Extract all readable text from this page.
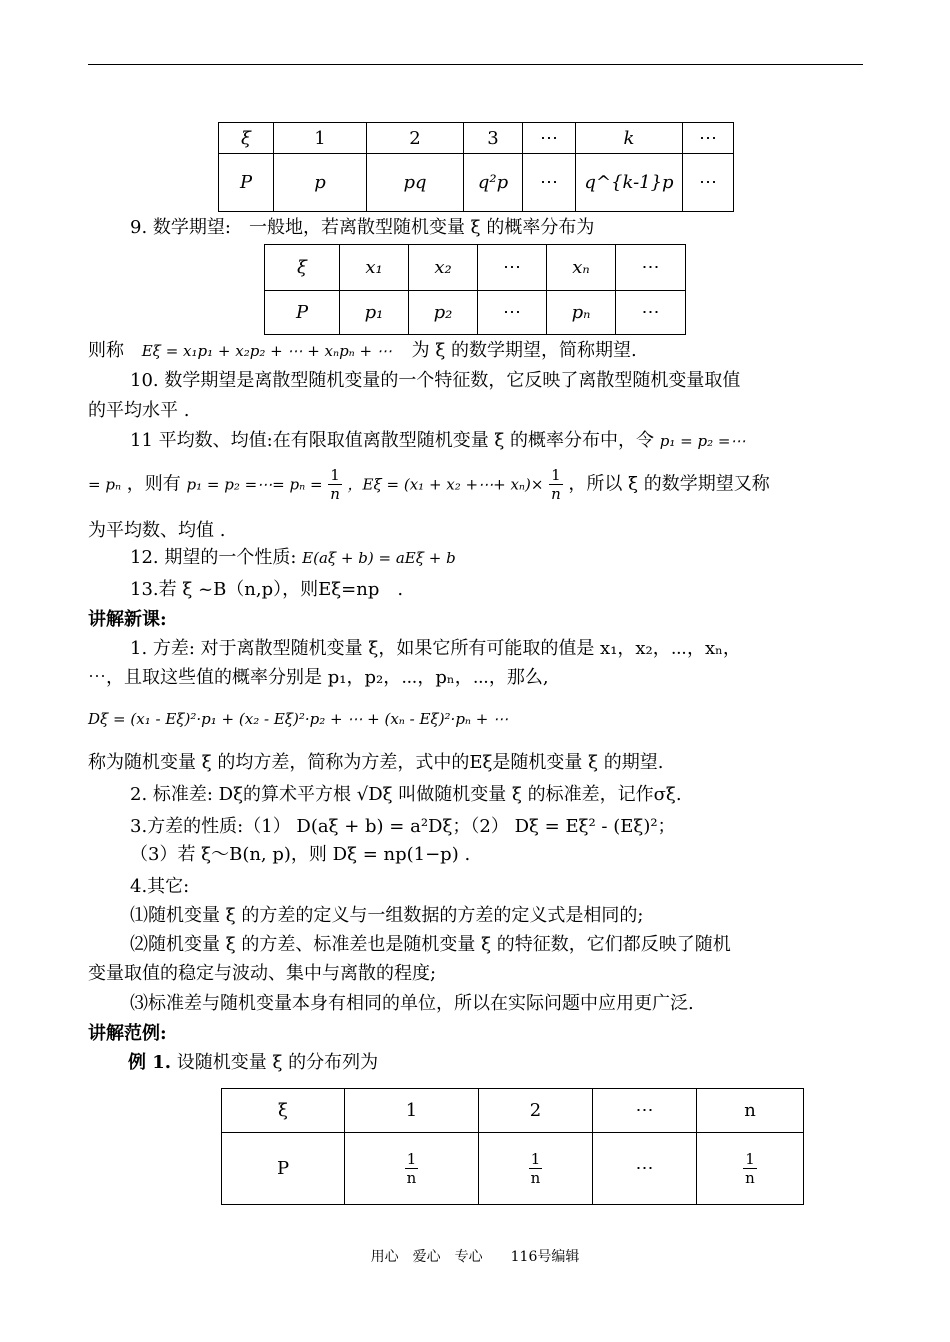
ξ	1	2	3	⋯	k	⋯
P	p	pq	q²p	⋯	q^{k-1}p	⋯
9. 数学期望:　一般地，若离散型随机变量 ξ 的概率分布为
ξ	x₁	x₂	⋯	xₙ	⋯
P	p₁	p₂	⋯	pₙ	⋯
则称 Eξ = x₁p₁ + x₂p₂ + ⋯ + xₙpₙ + ⋯ 为 ξ 的数学期望，简称期望.
10. 数学期望是离散型随机变量的一个特征数，它反映了离散型随机变量取值
的平均水平 .
11 平均数、均值:在有限取值离散型随机变量 ξ 的概率分布中，令 p₁ = p₂ =⋯
= pₙ ，则有 p₁ = p₂ =⋯= $p_n = \frac{1}{n}$ ，Eξ = (x₁ + x₂ +⋯+ $x_n)\times \frac{1}{n}$ ，所以 ξ 的数学期望又称
为平均数、均值 .
12. 期望的一个性质: E(aξ + b) = aEξ + b
13.若 ξ ~B（n,p），则Eξ=np　.
讲解新课:
1. 方差: 对于离散型随机变量 ξ，如果它所有可能取的值是 x₁，x₂，⋯，xₙ，
⋯，且取这些值的概率分别是 p₁，p₂，⋯，pₙ，⋯，那么,
Dξ = (x₁ - Eξ)²·p₁ + (x₂ - Eξ)²·p₂ + ⋯ + (xₙ - Eξ)²·pₙ + ⋯
称为随机变量 ξ 的均方差，简称为方差，式中的Eξ是随机变量 ξ 的期望.
2. 标准差: Dξ的算术平方根 √Dξ 叫做随机变量 ξ 的标准差，记作σξ.
3.方差的性质:（1） D(aξ + b) = a²Dξ；（2） Dξ = Eξ² - (Eξ)²；
（3）若 ξ～B(n, p)，则 Dξ = np(1−p) .
4.其它:
⑴随机变量 ξ 的方差的定义与一组数据的方差的定义式是相同的;
⑵随机变量 ξ 的方差、标准差也是随机变量 ξ 的特征数，它们都反映了随机
变量取值的稳定与波动、集中与离散的程度;
⑶标准差与随机变量本身有相同的单位，所以在实际问题中应用更广泛.
讲解范例:
例 1. 设随机变量 ξ 的分布列为
ξ	1	2	⋯	n
P	$\frac{1}{n}$	$\frac{1}{n}$	⋯	$\frac{1}{n}$
用心　爱心　专心　　116号编辑
